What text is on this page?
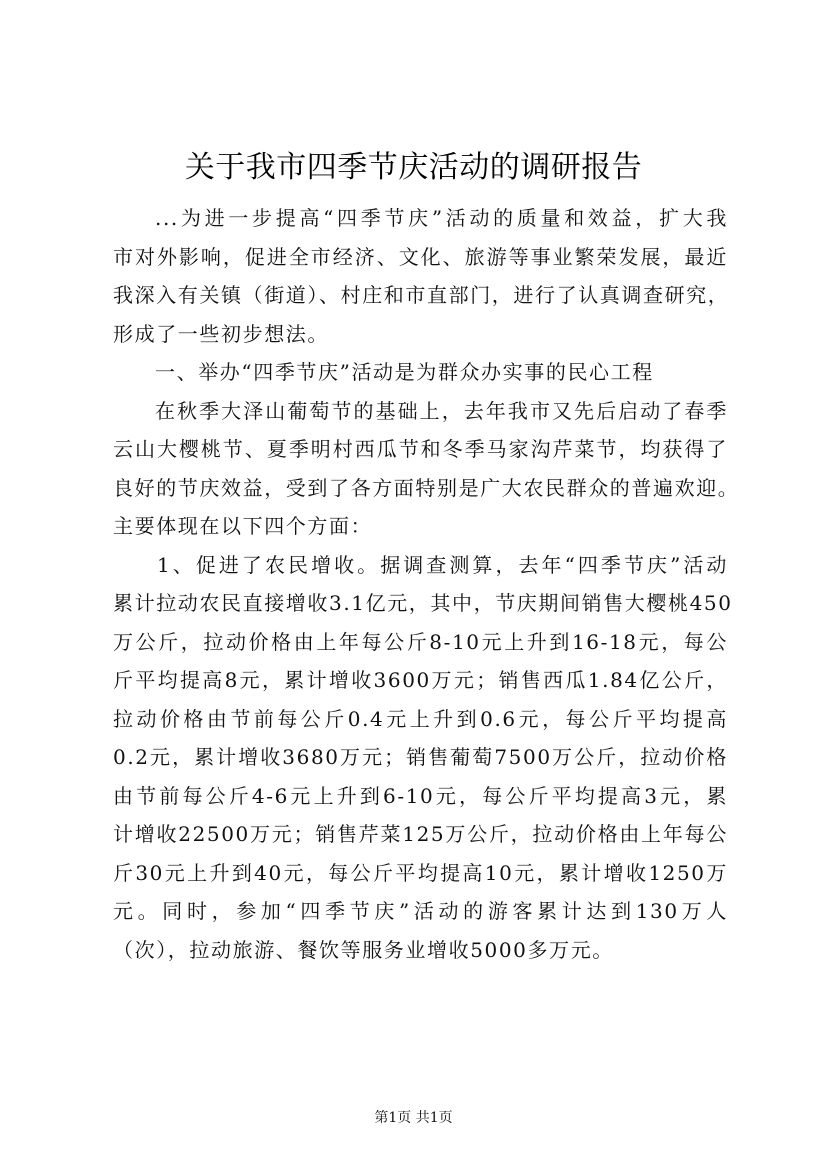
关于我市四季节庆活动的调研报告
...为进一步提高“四季节庆”活动的质量和效益，扩大我
市对外影响，促进全市经济、文化、旅游等事业繁荣发展，最近
我深入有关镇（街道）、村庄和市直部门，进行了认真调查研究，
形成了一些初步想法。
一、举办“四季节庆”活动是为群众办实事的民心工程
在秋季大泽山葡萄节的基础上，去年我市又先后启动了春季
云山大樱桃节、夏季明村西瓜节和冬季马家沟芹菜节，均获得了
良好的节庆效益，受到了各方面特别是广大农民群众的普遍欢迎。
主要体现在以下四个方面：
1、促进了农民增收。据调查测算，去年“四季节庆”活动
累计拉动农民直接增收3.1亿元，其中，节庆期间销售大樱桃450
万公斤，拉动价格由上年每公斤8-10元上升到16-18元，每公
斤平均提高8元，累计增收3600万元；销售西瓜1.84亿公斤，
拉动价格由节前每公斤0.4元上升到0.6元，每公斤平均提高
0.2元，累计增收3680万元；销售葡萄7500万公斤，拉动价格
由节前每公斤4-6元上升到6-10元，每公斤平均提高3元，累
计增收22500万元；销售芹菜125万公斤，拉动价格由上年每公
斤30元上升到40元，每公斤平均提高10元，累计增收1250万
元。同时，参加“四季节庆”活动的游客累计达到130万人
（次），拉动旅游、餐饮等服务业增收5000多万元。
第1页 共1页
